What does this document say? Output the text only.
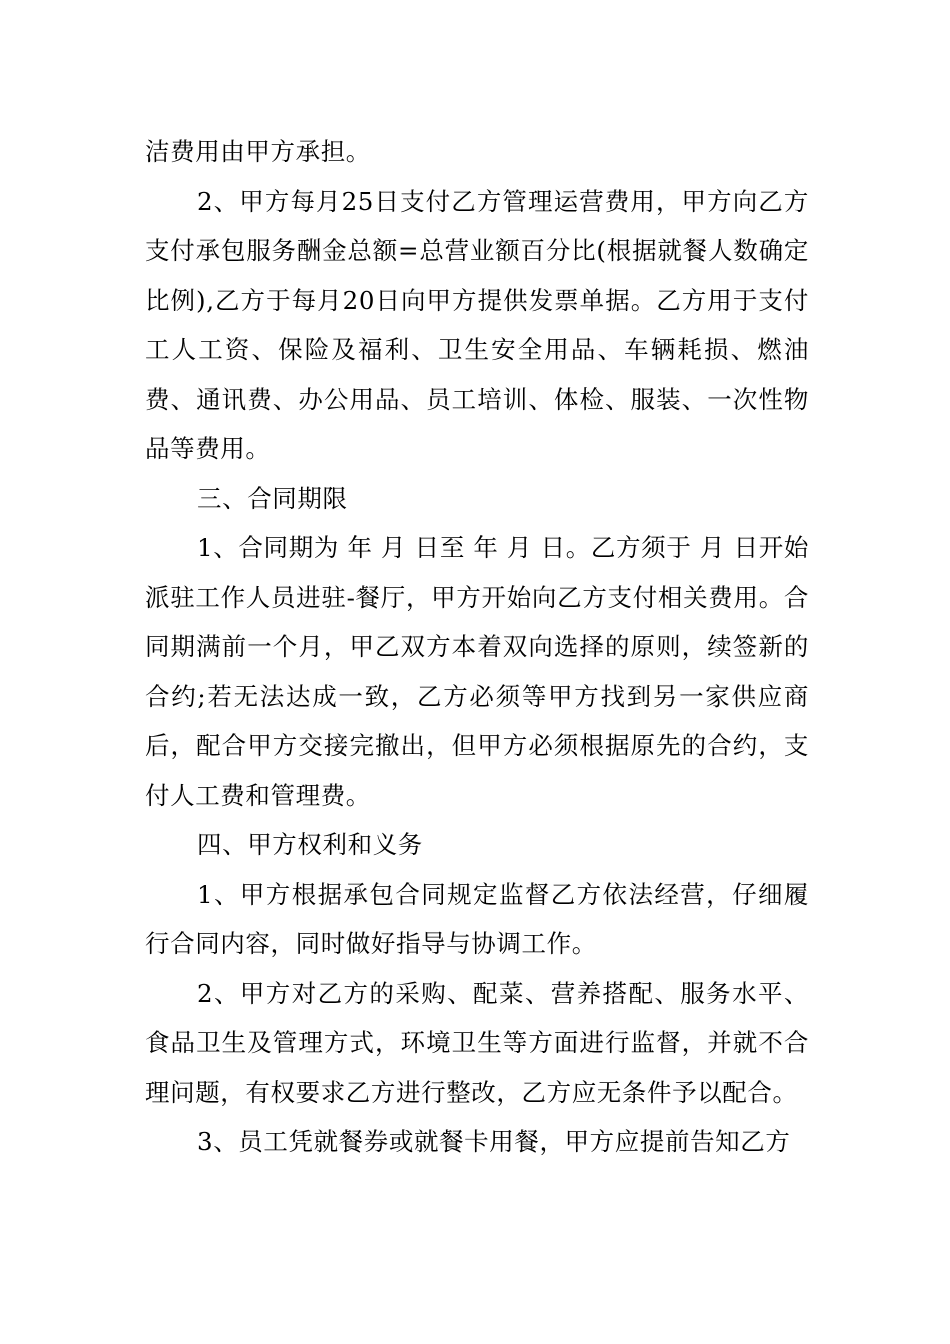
洁费用由甲方承担。

2、甲方每月25日支付乙方管理运营费用，甲方向乙方支付承包服务酬金总额=总营业额百分比(根据就餐人数确定比例),乙方于每月20日向甲方提供发票单据。乙方用于支付工人工资、保险及福利、卫生安全用品、车辆耗损、燃油费、通讯费、办公用品、员工培训、体检、服装、一次性物品等费用。

三、合同期限

1、合同期为 年 月 日至 年 月 日。乙方须于 月 日开始派驻工作人员进驻-餐厅，甲方开始向乙方支付相关费用。合同期满前一个月，甲乙双方本着双向选择的原则，续签新的合约;若无法达成一致，乙方必须等甲方找到另一家供应商后，配合甲方交接完撤出，但甲方必须根据原先的合约，支付人工费和管理费。

四、甲方权利和义务

1、甲方根据承包合同规定监督乙方依法经营，仔细履行合同内容，同时做好指导与协调工作。

2、甲方对乙方的采购、配菜、营养搭配、服务水平、食品卫生及管理方式，环境卫生等方面进行监督，并就不合理问题，有权要求乙方进行整改，乙方应无条件予以配合。

3、员工凭就餐券或就餐卡用餐，甲方应提前告知乙方
